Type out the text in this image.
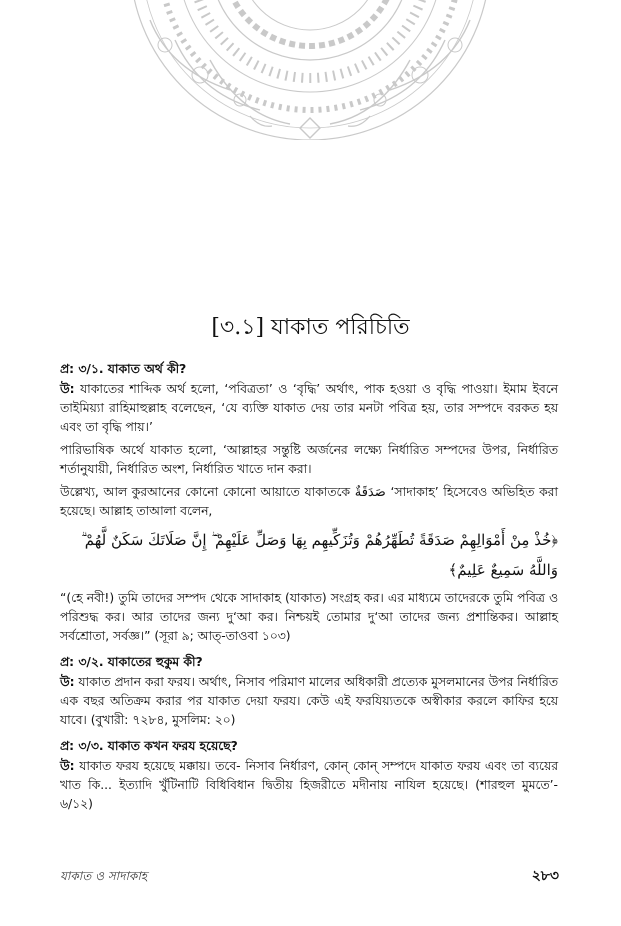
[৩.১] যাকাত পরিচিতি
প্র: ৩/১. যাকাত অর্থ কী?
উ: যাকাতের শাব্দিক অর্থ হলো, ‘পবিত্রতা’ ও ‘বৃদ্ধি’ অর্থাৎ, পাক হওয়া ও বৃদ্ধি পাওয়া। ইমাম ইবনে তাইমিয়্যা রাহিমাহুল্লাহ বলেছেন, ‘যে ব্যক্তি যাকাত দেয় তার মনটা পবিত্র হয়, তার সম্পদে বরকত হয় এবং তা বৃদ্ধি পায়।’
পারিভাষিক অর্থে যাকাত হলো, ‘আল্লাহর সন্তুষ্টি অর্জনের লক্ষ্যে নির্ধারিত সম্পদের উপর, নির্ধারিত শর্তানুযায়ী, নির্ধারিত অংশ, নির্ধারিত খাতে দান করা।
উল্লেখ্য, আল কুরআনের কোনো কোনো আয়াতে যাকাতকে صَدَقَةٌ ‘সাদাকাহ’ হিসেবেও অভিহিত করা হয়েছে। আল্লাহ তাআলা বলেন,
﴿خُذْ مِنْ أَمْوَالِهِمْ صَدَقَةً تُطَهِّرُهُمْ وَتُزَكِّيهِم بِهَا وَصَلِّ عَلَيْهِمْ ۖ إِنَّ صَلَاتَكَ سَكَنٌ لَّهُمْ ۗ
وَاللَّهُ سَمِيعٌ عَلِيمٌ﴾
“(হে নবী!) তুমি তাদের সম্পদ থেকে সাদাকাহ (যাকাত) সংগ্রহ কর। এর মাধ্যমে তাদেরকে তুমি পবিত্র ও পরিশুদ্ধ কর। আর তাদের জন্য দু‘আ কর। নিশ্চয়ই তোমার দু‘আ তাদের জন্য প্রশান্তিকর। আল্লাহ সর্বশ্রোতা, সর্বজ্ঞ।” (সূরা ৯; আত্-তাওবা ১০৩)
প্র: ৩/২. যাকাতের হুকুম কী?
উ: যাকাত প্রদান করা ফরয। অর্থাৎ, নিসাব পরিমাণ মালের অধিকারী প্রত্যেক মুসলমানের উপর নির্ধারিত এক বছর অতিক্রম করার পর যাকাত দেয়া ফরয। কেউ এই ফরযিয়্যতকে অস্বীকার করলে কাফির হয়ে যাবে। (বুখারী: ৭২৮৪, মুসলিম: ২০)
প্র: ৩/৩. যাকাত কখন ফরয হয়েছে?
উ: যাকাত ফরয হয়েছে মক্কায়। তবে- নিসাব নির্ধারণ, কোন্ কোন্ সম্পদে যাকাত ফরয এবং তা ব্যয়ের খাত কি... ইত্যাদি খুঁটিনাটি বিধিবিধান দ্বিতীয় হিজরীতে মদীনায় নাযিল হয়েছে। (শারহুল মুমতে’- ৬/১২)
যাকাত ও সাদাকাহ	২৮৩
